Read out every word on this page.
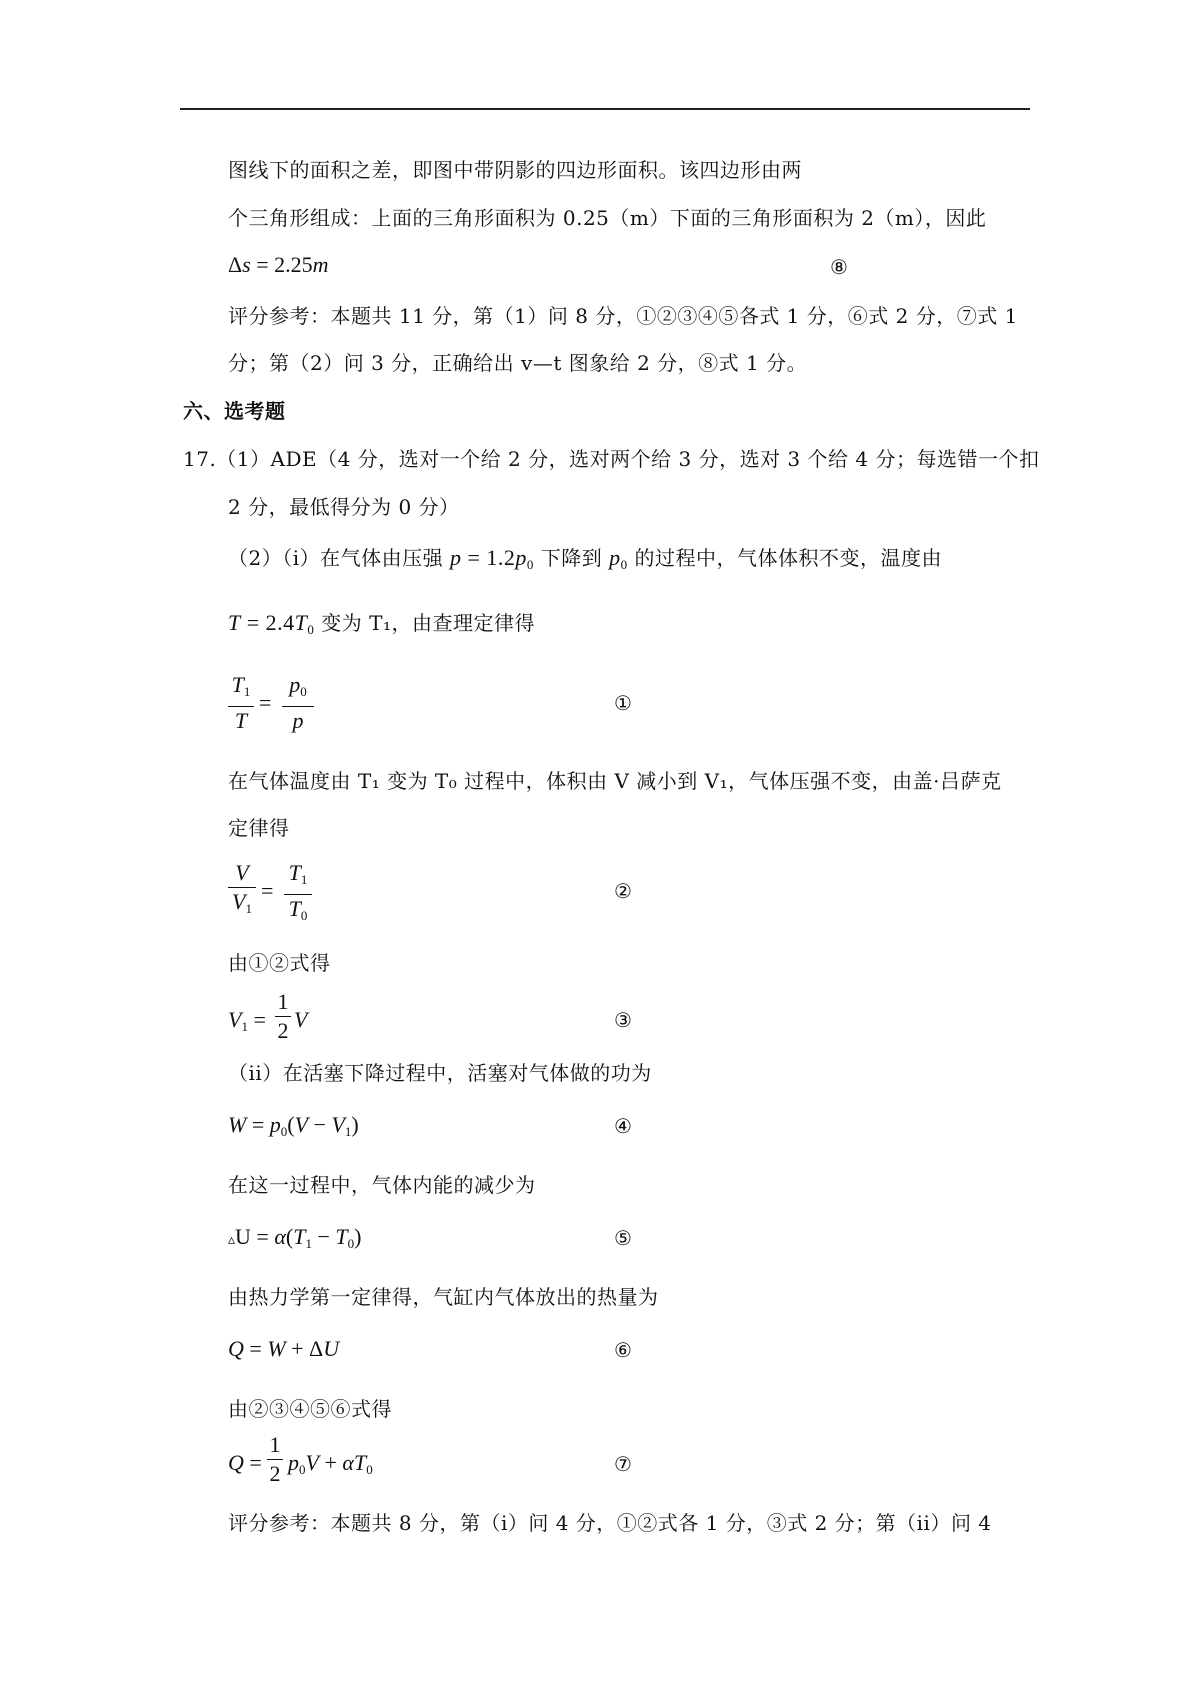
图线下的面积之差，即图中带阴影的四边形面积。该四边形由两
个三角形组成：上面的三角形面积为 0.25（m）下面的三角形面积为 2（m），因此
Δs = 2.25m	⑧
评分参考：本题共 11 分，第（1）问 8 分，①②③④⑤各式 1 分，⑥式 2 分，⑦式 1
分；第（2）问 3 分，正确给出 v—t 图象给 2 分，⑧式 1 分。
六、选考题
17.（1）ADE（4 分，选对一个给 2 分，选对两个给 3 分，选对 3 个给 4 分；每选错一个扣
2 分，最低得分为 0 分）
（2）（i）在气体由压强 $p = 1.2p_0$ 下降到 $p_0$ 的过程中，气体体积不变，温度由
$T = 2.4T_0$ 变为 T₁，由查理定律得
$T_1$
T
=
$p_0$
p
①
在气体温度由 T₁ 变为 T₀ 过程中，体积由 V 减小到 V₁，气体压强不变，由盖·吕萨克
定律得
V
$V_1$
=
$T_1$
$T_0$
②
由①②式得
$V_1$ =
1
2 V	③
（ii）在活塞下降过程中，活塞对气体做的功为
$W = p_0(V - V_1)$	④
在这一过程中，气体内能的减少为
▵U = $\alpha(T_1 - T_0)$	⑤
由热力学第一定律得，气缸内气体放出的热量为
Q = W + ΔU	⑥
由②③④⑤⑥式得
Q =
1
2 $p_0V + \alpha T_0$	⑦
评分参考：本题共 8 分，第（i）问 4 分，①②式各 1 分，③式 2 分；第（ii）问 4
